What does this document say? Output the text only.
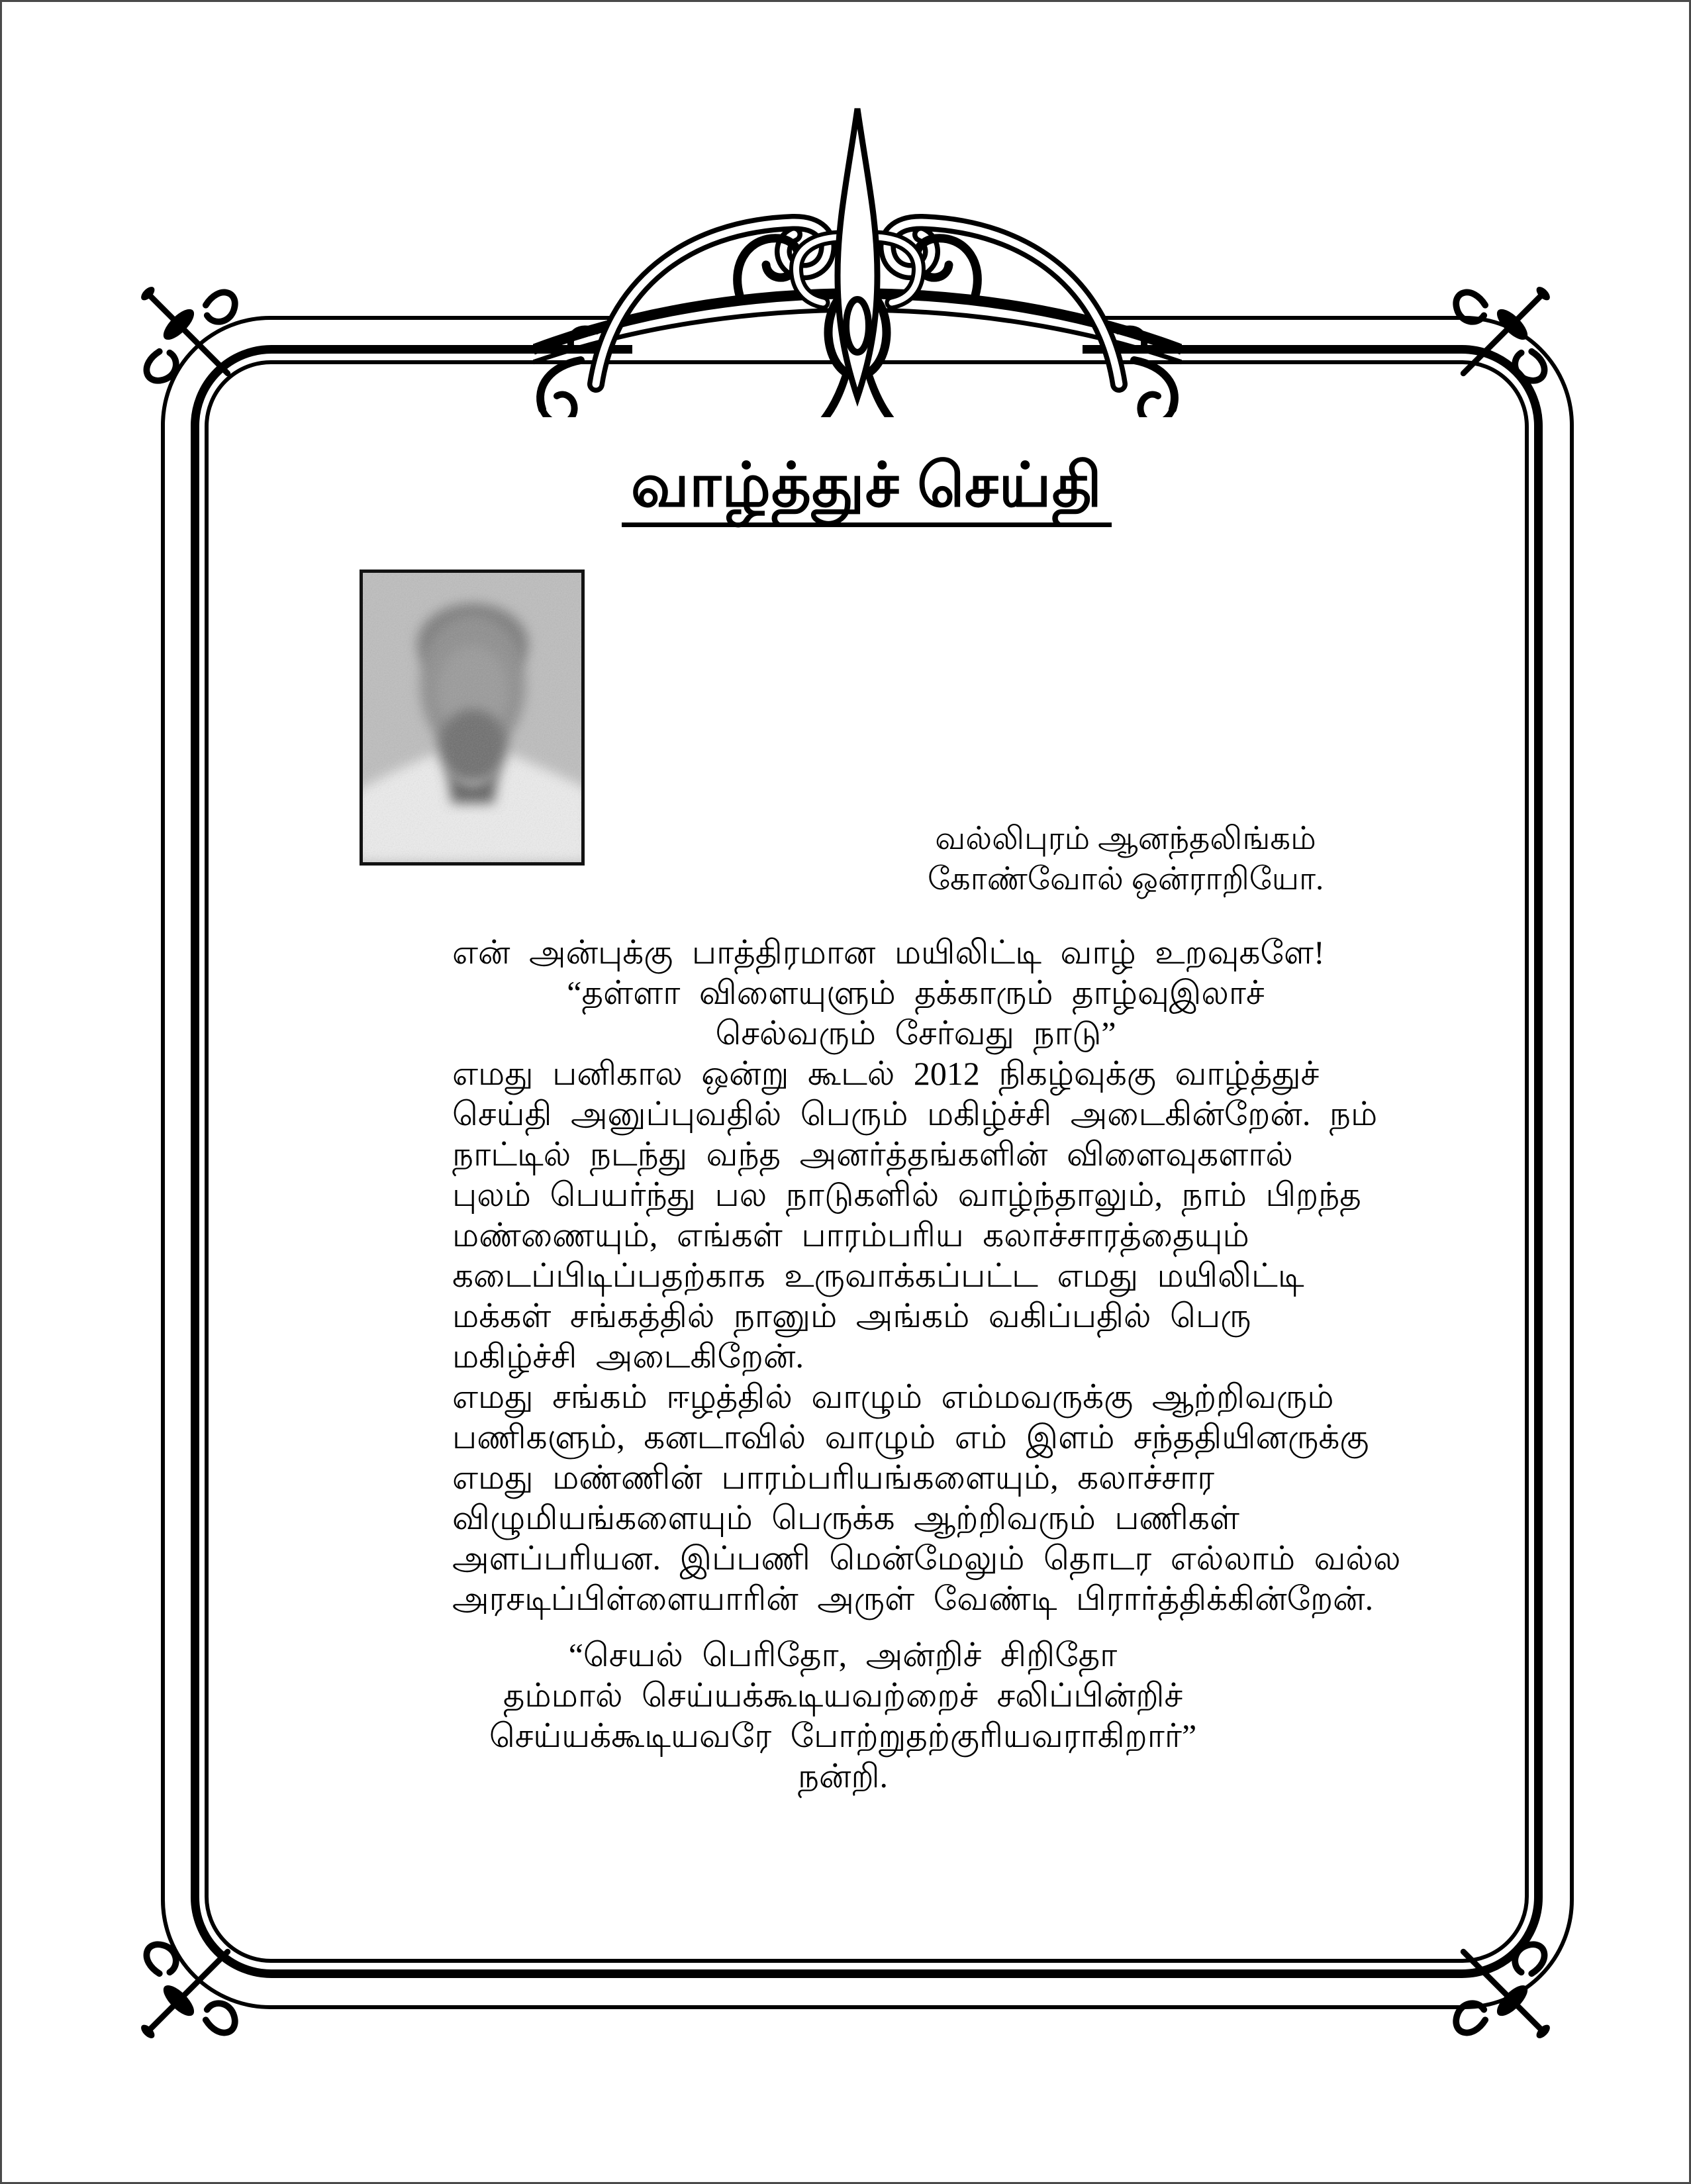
வாழ்த்துச் செய்தி
வல்லிபுரம் ஆனந்தலிங்கம்
கோண்வோல் ஒன்ராறியோ.
என் அன்புக்கு பாத்திரமான மயிலிட்டி வாழ் உறவுகளே!
“தள்ளா விளையுளும் தக்காரும் தாழ்வுஇலாச்
செல்வரும் சேர்வது நாடு”
எமது பனிகால ஒன்று கூடல் 2012 நிகழ்வுக்கு வாழ்த்துச்
செய்தி அனுப்புவதில் பெரும் மகிழ்ச்சி அடைகின்றேன். நம்
நாட்டில் நடந்து வந்த அனர்த்தங்களின் விளைவுகளால்
புலம் பெயர்ந்து பல நாடுகளில் வாழ்ந்தாலும், நாம் பிறந்த
மண்ணையும், எங்கள் பாரம்பரிய கலாச்சாரத்தையும்
கடைப்பிடிப்பதற்காக உருவாக்கப்பட்ட எமது மயிலிட்டி
மக்கள் சங்கத்தில் நானும் அங்கம் வகிப்பதில் பெரு
மகிழ்ச்சி அடைகிறேன்.
எமது சங்கம் ஈழத்தில் வாழும் எம்மவருக்கு ஆற்றிவரும்
பணிகளும், கனடாவில் வாழும் எம் இளம் சந்ததியினருக்கு
எமது மண்ணின் பாரம்பரியங்களையும், கலாச்சார
விழுமியங்களையும் பெருக்க ஆற்றிவரும் பணிகள்
அளப்பரியன. இப்பணி மென்மேலும் தொடர எல்லாம் வல்ல
அரசடிப்பிள்ளையாரின் அருள் வேண்டி பிரார்த்திக்கின்றேன்.
“செயல் பெரிதோ, அன்றிச் சிறிதோ
தம்மால் செய்யக்கூடியவற்றைச் சலிப்பின்றிச்
செய்யக்கூடியவரே போற்றுதற்குரியவராகிறார்”
நன்றி.
